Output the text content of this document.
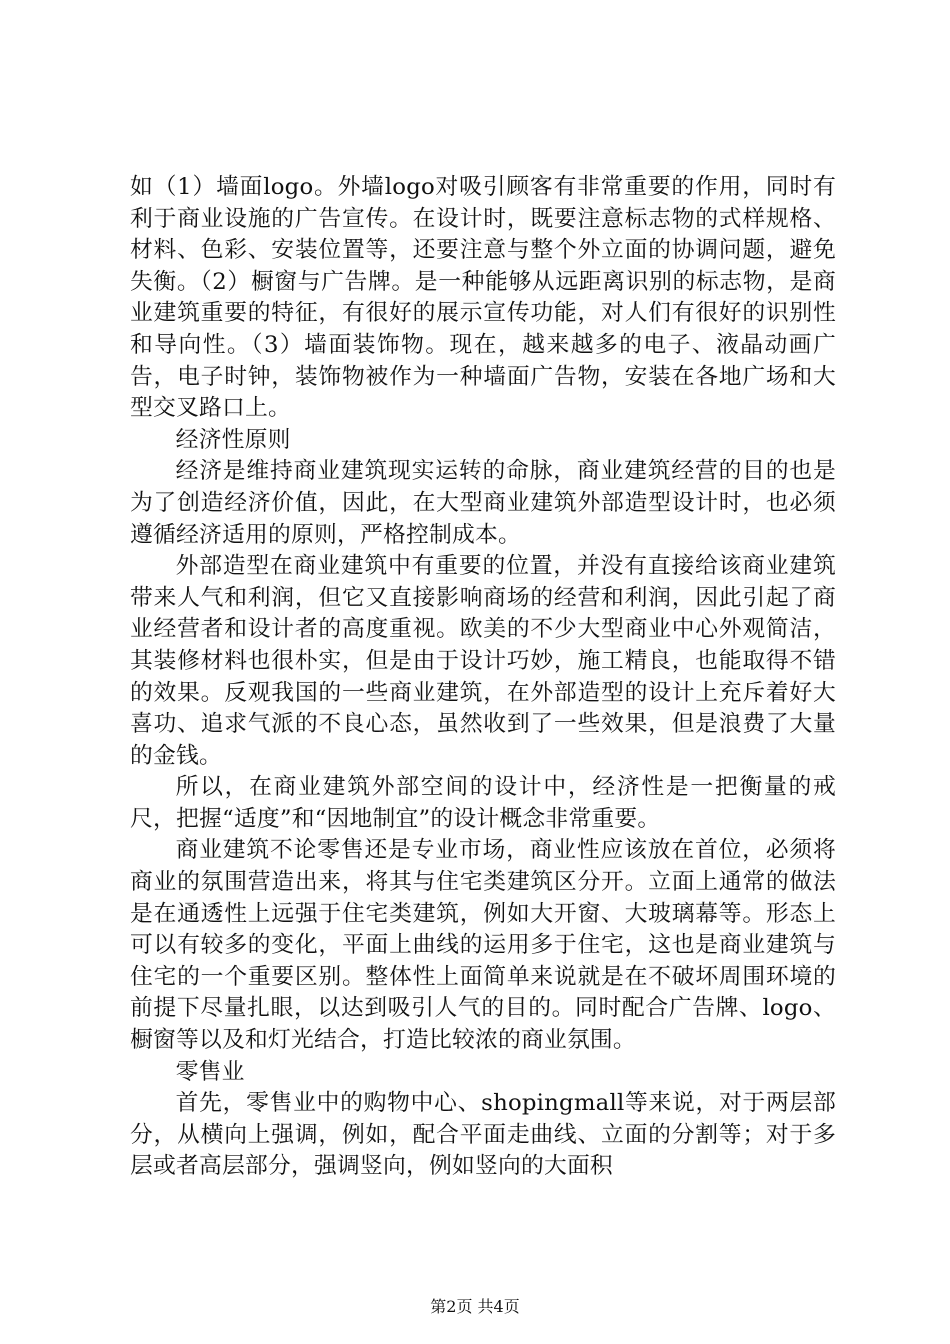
如（1）墙面logo。外墙logo对吸引顾客有非常重要的作用，同时有利于商业设施的广告宣传。在设计时，既要注意标志物的式样规格、材料、色彩、安装位置等，还要注意与整个外立面的协调问题，避免失衡。（2）橱窗与广告牌。是一种能够从远距离识别的标志物，是商业建筑重要的特征，有很好的展示宣传功能，对人们有很好的识别性和导向性。（3）墙面装饰物。现在，越来越多的电子、液晶动画广告，电子时钟，装饰物被作为一种墙面广告物，安装在各地广场和大型交叉路口上。

经济性原则

经济是维持商业建筑现实运转的命脉，商业建筑经营的目的也是为了创造经济价值，因此，在大型商业建筑外部造型设计时，也必须遵循经济适用的原则，严格控制成本。

外部造型在商业建筑中有重要的位置，并没有直接给该商业建筑带来人气和利润，但它又直接影响商场的经营和利润，因此引起了商业经营者和设计者的高度重视。欧美的不少大型商业中心外观简洁，其装修材料也很朴实，但是由于设计巧妙，施工精良，也能取得不错的效果。反观我国的一些商业建筑，在外部造型的设计上充斥着好大喜功、追求气派的不良心态，虽然收到了一些效果，但是浪费了大量的金钱。

所以，在商业建筑外部空间的设计中，经济性是一把衡量的戒尺，把握“适度”和“因地制宜”的设计概念非常重要。

商业建筑不论零售还是专业市场，商业性应该放在首位，必须将商业的氛围营造出来，将其与住宅类建筑区分开。立面上通常的做法是在通透性上远强于住宅类建筑，例如大开窗、大玻璃幕等。形态上可以有较多的变化，平面上曲线的运用多于住宅，这也是商业建筑与住宅的一个重要区别。整体性上面简单来说就是在不破坏周围环境的前提下尽量扎眼，以达到吸引人气的目的。同时配合广告牌、logo、橱窗等以及和灯光结合，打造比较浓的商业氛围。

零售业

首先，零售业中的购物中心、shopingmall等来说，对于两层部分，从横向上强调，例如，配合平面走曲线、立面的分割等；对于多层或者高层部分，强调竖向，例如竖向的大面积

第2页 共4页
